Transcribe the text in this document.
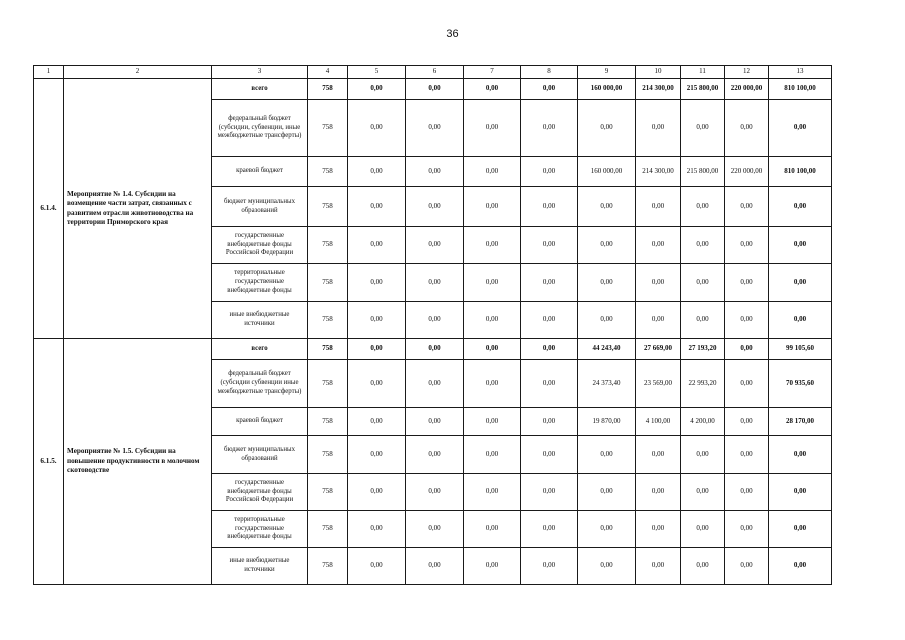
36
1	2	3	4	5	6	7	8	9	10	11	12	13
6.1.4.	Мероприятие № 1.4. Субсидии на возмещение части затрат, связанных с развитием отрасли животноводства на территории Приморского края	всего	758	0,00	0,00	0,00	0,00	160 000,00	214 300,00	215 800,00	220 000,00	810 100,00
		федеральный бюджет (субсидии, субвенции, иные межбюджетные трансферты)	758	0,00	0,00	0,00	0,00	0,00	0,00	0,00	0,00	0,00
		краевой бюджет	758	0,00	0,00	0,00	0,00	160 000,00	214 300,00	215 800,00	220 000,00	810 100,00
		бюджет муниципальных образований	758	0,00	0,00	0,00	0,00	0,00	0,00	0,00	0,00	0,00
		государственные внебюджетные фонды Российской Федерации	758	0,00	0,00	0,00	0,00	0,00	0,00	0,00	0,00	0,00
		территориальные государственные внебюджетные фонды	758	0,00	0,00	0,00	0,00	0,00	0,00	0,00	0,00	0,00
		иные внебюджетные источники	758	0,00	0,00	0,00	0,00	0,00	0,00	0,00	0,00	0,00
6.1.5.	Мероприятие № 1.5. Субсидии на повышение продуктивности в молочном скотоводстве	всего	758	0,00	0,00	0,00	0,00	44 243,40	27 669,00	27 193,20	0,00	99 105,60
		федеральный бюджет (субсидии субвенции иные межбюджетные трансферты)	758	0,00	0,00	0,00	0,00	24 373,40	23 569,00	22 993,20	0,00	70 935,60
		краевой бюджет	758	0,00	0,00	0,00	0,00	19 870,00	4 100,00	4 200,00	0,00	28 170,00
		бюджет муниципальных образований	758	0,00	0,00	0,00	0,00	0,00	0,00	0,00	0,00	0,00
		государственные внебюджетные фонды Российской Федерации	758	0,00	0,00	0,00	0,00	0,00	0,00	0,00	0,00	0,00
		территориальные государственные внебюджетные фонды	758	0,00	0,00	0,00	0,00	0,00	0,00	0,00	0,00	0,00
		иные внебюджетные источники	758	0,00	0,00	0,00	0,00	0,00	0,00	0,00	0,00	0,00
